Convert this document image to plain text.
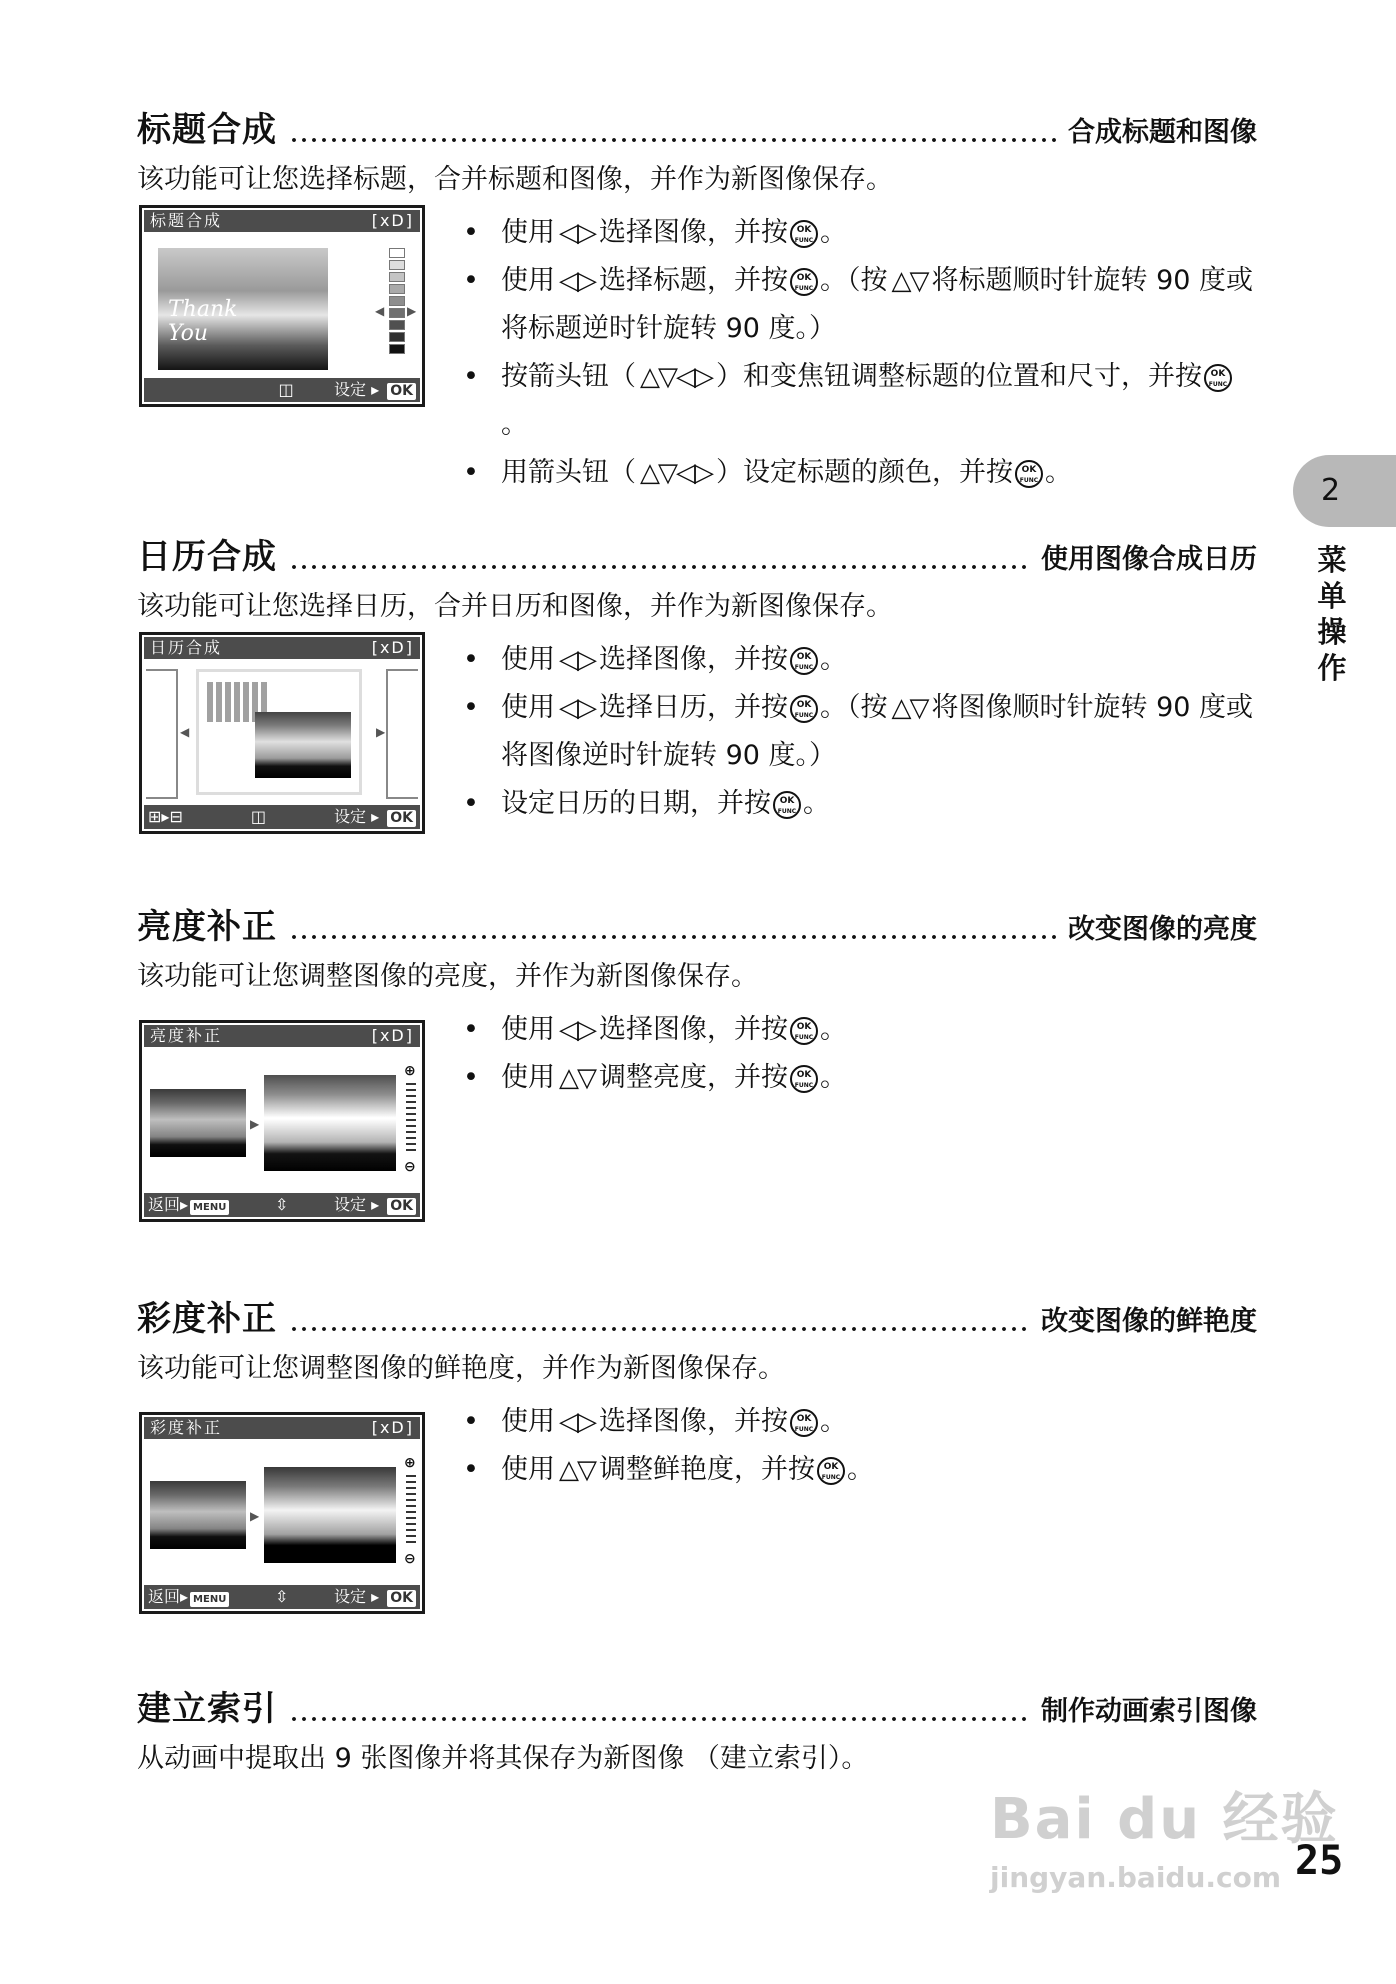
标题合成	合成标题和图像
该功能可让您选择标题，合并标题和图像，并作为新图像保存。
标题合成	[xD]
Thank You
◀ ▶
◫	设定 ▸ OK
• 使用 ◁▷ 选择图像，并按 OK
FUNC 。
• 使用 ◁▷ 选择标题，并按 OK
FUNC 。（按 △▽ 将标题顺时针旋转 90 度或将标题逆时针旋转 90 度。）
• 按箭头钮（ △▽◁▷ ）和变焦钮调整标题的位置和尺寸，并按 OK
FUNC。
• 用箭头钮（ △▽◁▷ ）设定标题的颜色，并按 OK
FUNC 。
日历合成	使用图像合成日历
该功能可让您选择日历，合并日历和图像，并作为新图像保存。
日历合成	[xD]
◀	▶
⊞▸⊟	◫	设定 ▸ OK
• 使用 ◁▷ 选择图像，并按 OK
FUNC 。
• 使用 ◁▷ 选择日历，并按 OK
FUNC 。（按 △▽ 将图像顺时针旋转 90 度或将图像逆时针旋转 90 度。）
• 设定日历的日期，并按 OK
FUNC 。
亮度补正	改变图像的亮度
该功能可让您调整图像的亮度，并作为新图像保存。
亮度补正	[xD]
▶
⊕
⊖
返回▸ MENU	⇳	设定 ▸ OK
• 使用 ◁▷ 选择图像，并按 OK
FUNC 。
• 使用 △▽ 调整亮度，并按 OK
FUNC 。
彩度补正	改变图像的鲜艳度
该功能可让您调整图像的鲜艳度，并作为新图像保存。
彩度补正	[xD]
▶
⊕
⊖
返回▸ MENU	⇳	设定 ▸ OK
• 使用 ◁▷ 选择图像，并按 OK
FUNC 。
• 使用 △▽ 调整鲜艳度，并按 OK
FUNC 。
建立索引	制作动画索引图像
从动画中提取出 9 张图像并将其保存为新图像 （建立索引）。
2
菜单操作
Bai du 经验
jingyan.baidu.com 25
